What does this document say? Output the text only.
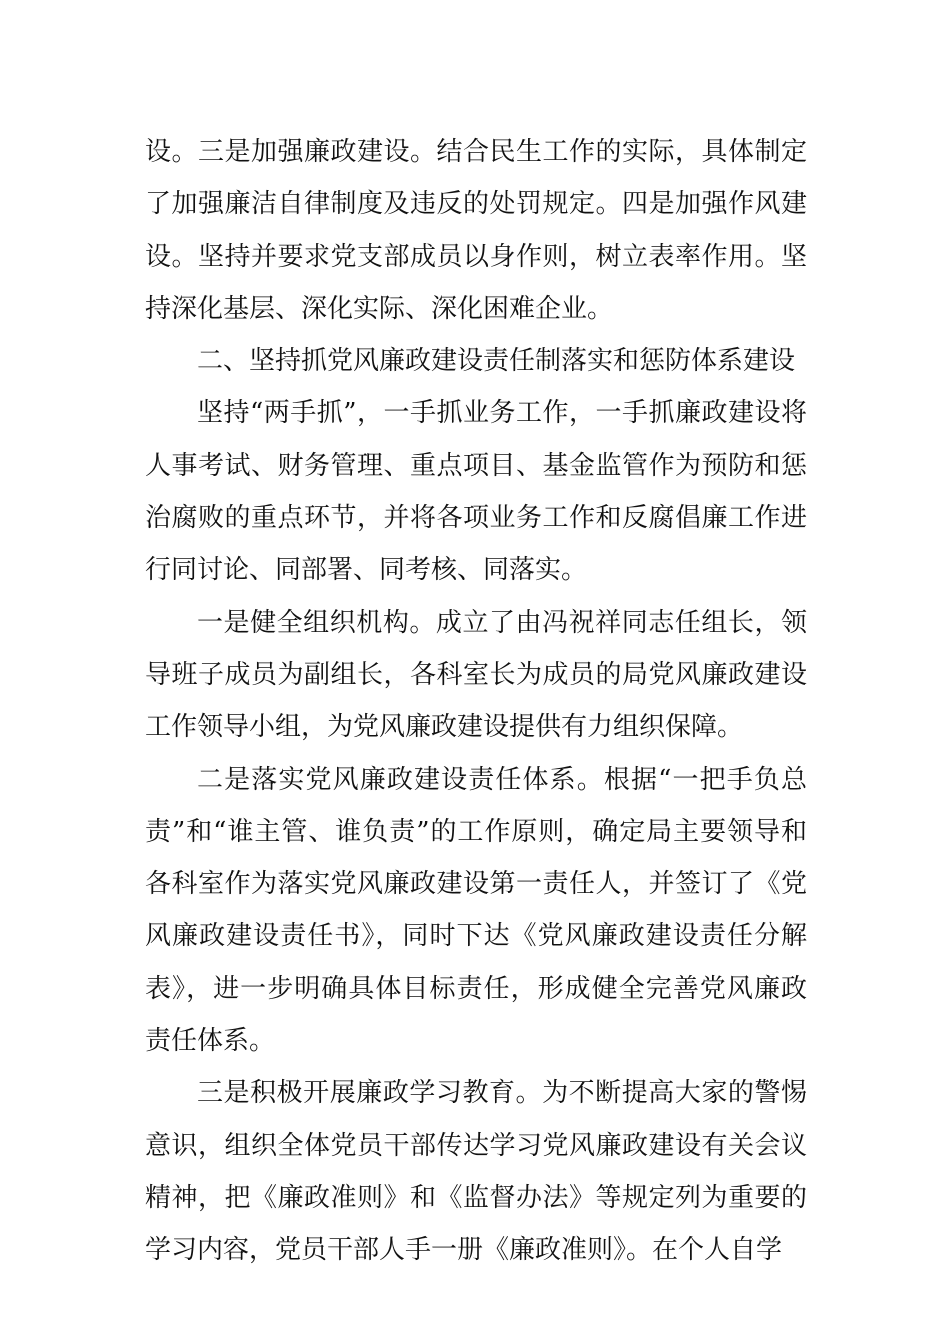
设。三是加强廉政建设。结合民生工作的实际，具体制定了加强廉洁自律制度及违反的处罚规定。四是加强作风建设。坚持并要求党支部成员以身作则，树立表率作用。坚持深化基层、深化实际、深化困难企业。

二、坚持抓党风廉政建设责任制落实和惩防体系建设

坚持“两手抓”，一手抓业务工作，一手抓廉政建设将人事考试、财务管理、重点项目、基金监管作为预防和惩治腐败的重点环节，并将各项业务工作和反腐倡廉工作进行同讨论、同部署、同考核、同落实。

一是健全组织机构。成立了由冯祝祥同志任组长，领导班子成员为副组长，各科室长为成员的局党风廉政建设工作领导小组，为党风廉政建设提供有力组织保障。

二是落实党风廉政建设责任体系。根据“一把手负总责”和“谁主管、谁负责”的工作原则，确定局主要领导和各科室作为落实党风廉政建设第一责任人，并签订了《党风廉政建设责任书》，同时下达《党风廉政建设责任分解表》，进一步明确具体目标责任，形成健全完善党风廉政责任体系。

三是积极开展廉政学习教育。为不断提高大家的警惕意识，组织全体党员干部传达学习党风廉政建设有关会议精神，把《廉政准则》和《监督办法》等规定列为重要的学习内容，党员干部人手一册《廉政准则》。在个人自学
